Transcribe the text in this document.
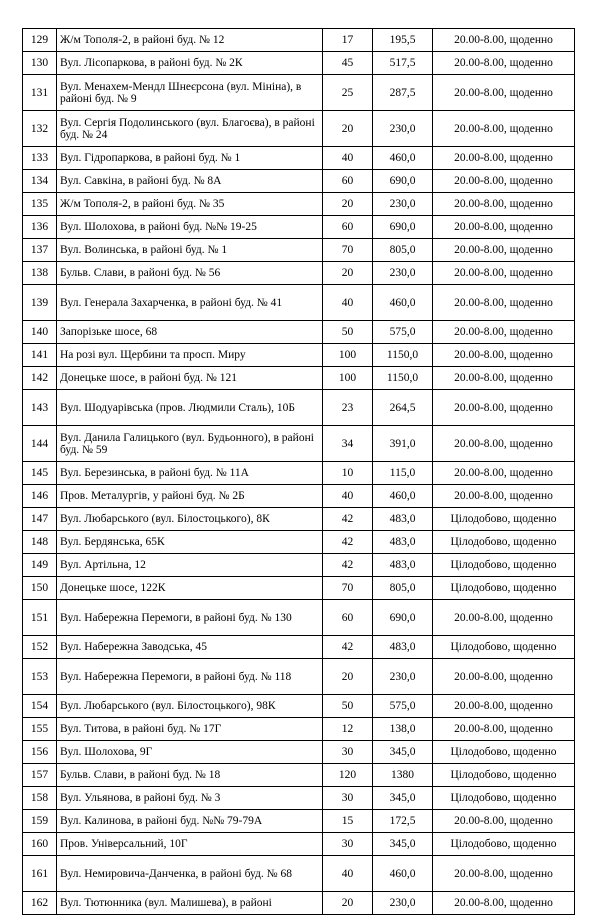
129	Ж/м Тополя-2, в районі буд. № 12	17	195,5	20.00-8.00, щоденно
130	Вул. Лісопаркова, в районі буд. № 2К	45	517,5	20.00-8.00, щоденно
131	Вул. Менахем-Мендл Шнеєрсона (вул. Мініна), в районі буд. № 9	25	287,5	20.00-8.00, щоденно
132	Вул. Сергія Подолинського (вул. Благоєва), в районі буд. № 24	20	230,0	20.00-8.00, щоденно
133	Вул. Гідропаркова, в районі буд. № 1	40	460,0	20.00-8.00, щоденно
134	Вул. Савкіна, в районі буд. № 8А	60	690,0	20.00-8.00, щоденно
135	Ж/м Тополя-2, в районі буд. № 35	20	230,0	20.00-8.00, щоденно
136	Вул. Шолохова, в районі буд. №№ 19-25	60	690,0	20.00-8.00, щоденно
137	Вул. Волинська, в районі буд. № 1	70	805,0	20.00-8.00, щоденно
138	Бульв. Слави, в районі буд. № 56	20	230,0	20.00-8.00, щоденно
139	Вул. Генерала Захарченка, в районі буд. № 41	40	460,0	20.00-8.00, щоденно
140	Запорізьке шосе, 68	50	575,0	20.00-8.00, щоденно
141	На розі вул. Щербини та просп. Миру	100	1150,0	20.00-8.00, щоденно
142	Донецьке шосе, в районі буд. № 121	100	1150,0	20.00-8.00, щоденно
143	Вул. Шодуарівська (пров. Людмили Сталь), 10Б	23	264,5	20.00-8.00, щоденно
144	Вул. Данила Галицького (вул. Будьонного), в районі буд. № 59	34	391,0	20.00-8.00, щоденно
145	Вул. Березинська, в районі буд. № 11А	10	115,0	20.00-8.00, щоденно
146	Пров. Металургів, у районі буд. № 2Б	40	460,0	20.00-8.00, щоденно
147	Вул. Любарського (вул. Білостоцького), 8К	42	483,0	Цілодобово, щоденно
148	Вул. Бердянська, 65К	42	483,0	Цілодобово, щоденно
149	Вул. Артільна, 12	42	483,0	Цілодобово, щоденно
150	Донецьке шосе, 122К	70	805,0	Цілодобово, щоденно
151	Вул. Набережна Перемоги, в районі буд. № 130	60	690,0	20.00-8.00, щоденно
152	Вул. Набережна Заводська, 45	42	483,0	Цілодобово, щоденно
153	Вул. Набережна Перемоги, в районі буд. № 118	20	230,0	20.00-8.00, щоденно
154	Вул. Любарського (вул. Білостоцького), 98К	50	575,0	20.00-8.00, щоденно
155	Вул. Титова, в районі буд. № 17Г	12	138,0	20.00-8.00, щоденно
156	Вул. Шолохова, 9Г	30	345,0	Цілодобово, щоденно
157	Бульв. Слави, в районі буд. № 18	120	1380	Цілодобово, щоденно
158	Вул. Ульянова, в районі буд. № 3	30	345,0	Цілодобово, щоденно
159	Вул. Калинова, в районі буд. №№ 79-79А	15	172,5	20.00-8.00, щоденно
160	Пров. Універсальний, 10Г	30	345,0	Цілодобово, щоденно
161	Вул. Немировича-Данченка, в районі буд. № 68	40	460,0	20.00-8.00, щоденно
162	Вул. Тютюнника (вул. Малишева), в районі	20	230,0	20.00-8.00, щоденно
